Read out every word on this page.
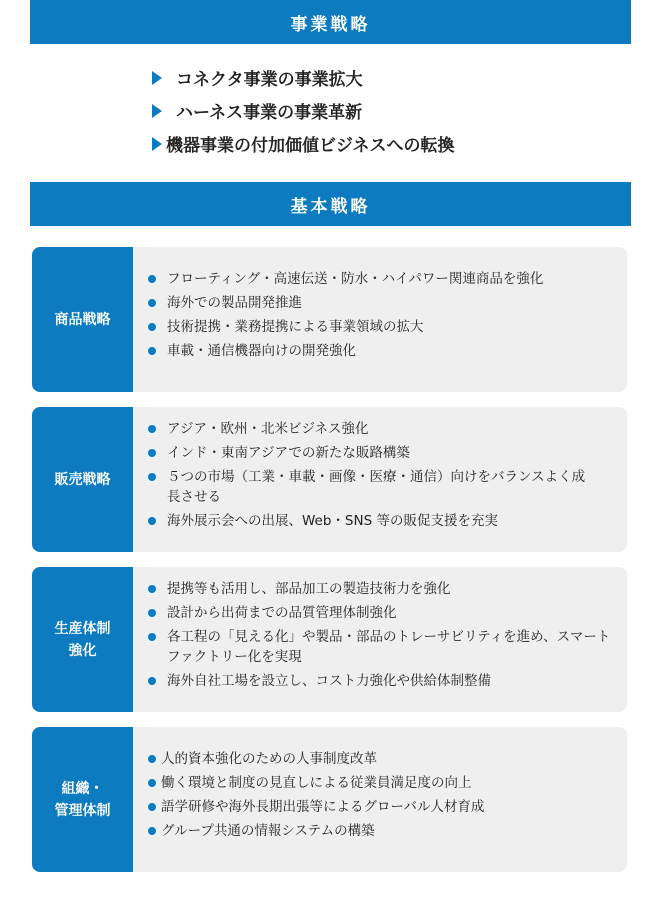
事業戦略
コネクタ事業の事業拡大
ハーネス事業の事業革新
機器事業の付加価値ビジネスへの転換
基本戦略
商品戦略
フローティング・高速伝送・防水・ハイパワー関連商品を強化
海外での製品開発推進
技術提携・業務提携による事業領域の拡大
車載・通信機器向けの開発強化
販売戦略
アジア・欧州・北米ビジネス強化
インド・東南アジアでの新たな販路構築
５つの市場（工業・車載・画像・医療・通信）向けをバランスよく成長させる
海外展示会への出展、Web・SNS 等の販促支援を充実
生産体制
強化
提携等も活用し、部品加工の製造技術力を強化
設計から出荷までの品質管理体制強化
各工程の「見える化」や製品・部品のトレーサビリティを進め、スマートファクトリー化を実現
海外自社工場を設立し、コスト力強化や供給体制整備
組織・
管理体制
人的資本強化のための人事制度改革
働く環境と制度の見直しによる従業員満足度の向上
語学研修や海外長期出張等によるグローバル人材育成
グループ共通の情報システムの構築
